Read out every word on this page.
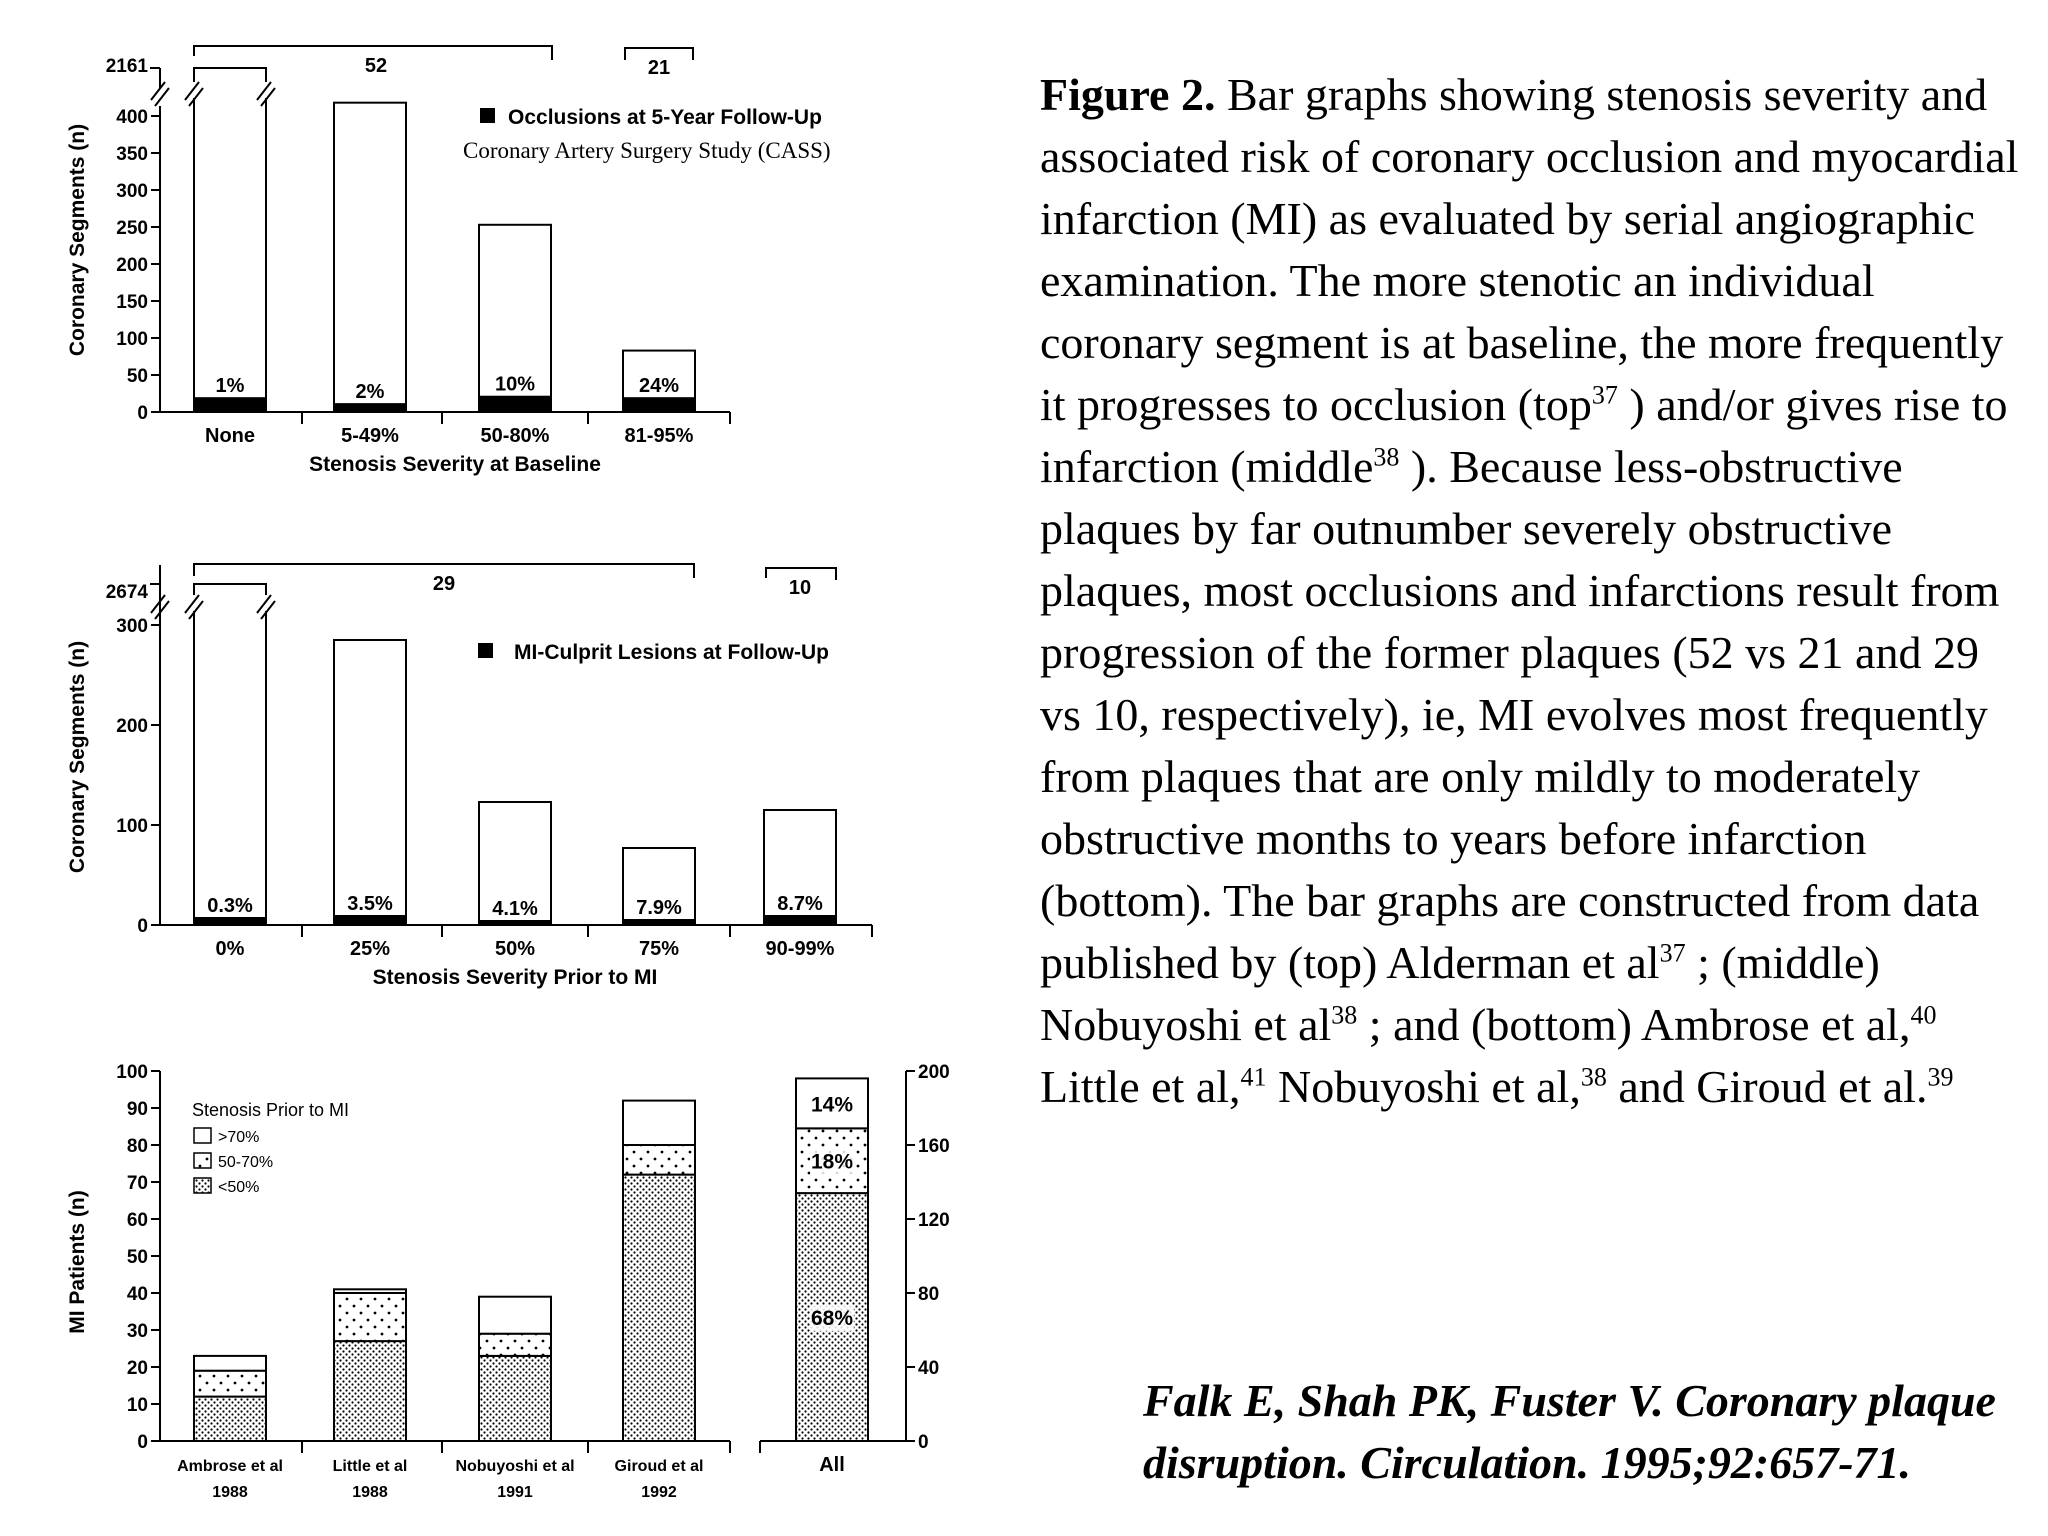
0
50
100
150
200
250
300
350
400
1%	2%	10%	24%
None	5-49%	50-80%	81-95%
2161
Coronary Segments (n)
Stenosis Severity at Baseline
Occlusions at 5-Year Follow-Up
Coronary Artery Surgery Study (CASS)
52	21
0
100
200
300
0.3%	3.5%	4.1%	7.9%	8.7%
0%	25%	50%	75%	90-99%
2674
Coronary Segments (n)
Stenosis Severity Prior to MI
MI-Culprit Lesions at Follow-Up
29	10
0
10
20
30
40
50
60
70
80
90
100
0
40
80
120
160
200
68%
18%
14%
Ambrose et al
1988
Little et al
1988
Nobuyoshi et al
1991
Giroud et al
1992
All
MI Patients (n)
Stenosis Prior to MI
>70%
50-70%
<50%
Figure 2. Bar graphs showing stenosis severity and associated risk of coronary occlusion and myocardial infarction (MI) as evaluated by serial angiographic examination. The more stenotic an individual coronary segment is at baseline, the more frequently it progresses to occlusion (top$^{37}$ ) and/or gives rise to infarction (middle$^{38}$ ). Because less-obstructive plaques by far outnumber severely obstructive plaques, most occlusions and infarctions result from progression of the former plaques (52 vs 21 and 29 vs 10, respectively), ie, MI evolves most frequently from plaques that are only mildly to moderately obstructive months to years before infarction (bottom). The bar graphs are constructed from data published by (top) Alderman et $al^{37}$ ; (middle) Nobuyoshi et $al^{38}$ ; and (bottom) Ambrose et al,$^{40}$ Little et al,$^{41}$ Nobuyoshi et al,$^{38}$ and Giroud et al.$^{39}$
Falk E, Shah PK, Fuster V. Coronary plaque disruption. Circulation. 1995;92:657-71.
